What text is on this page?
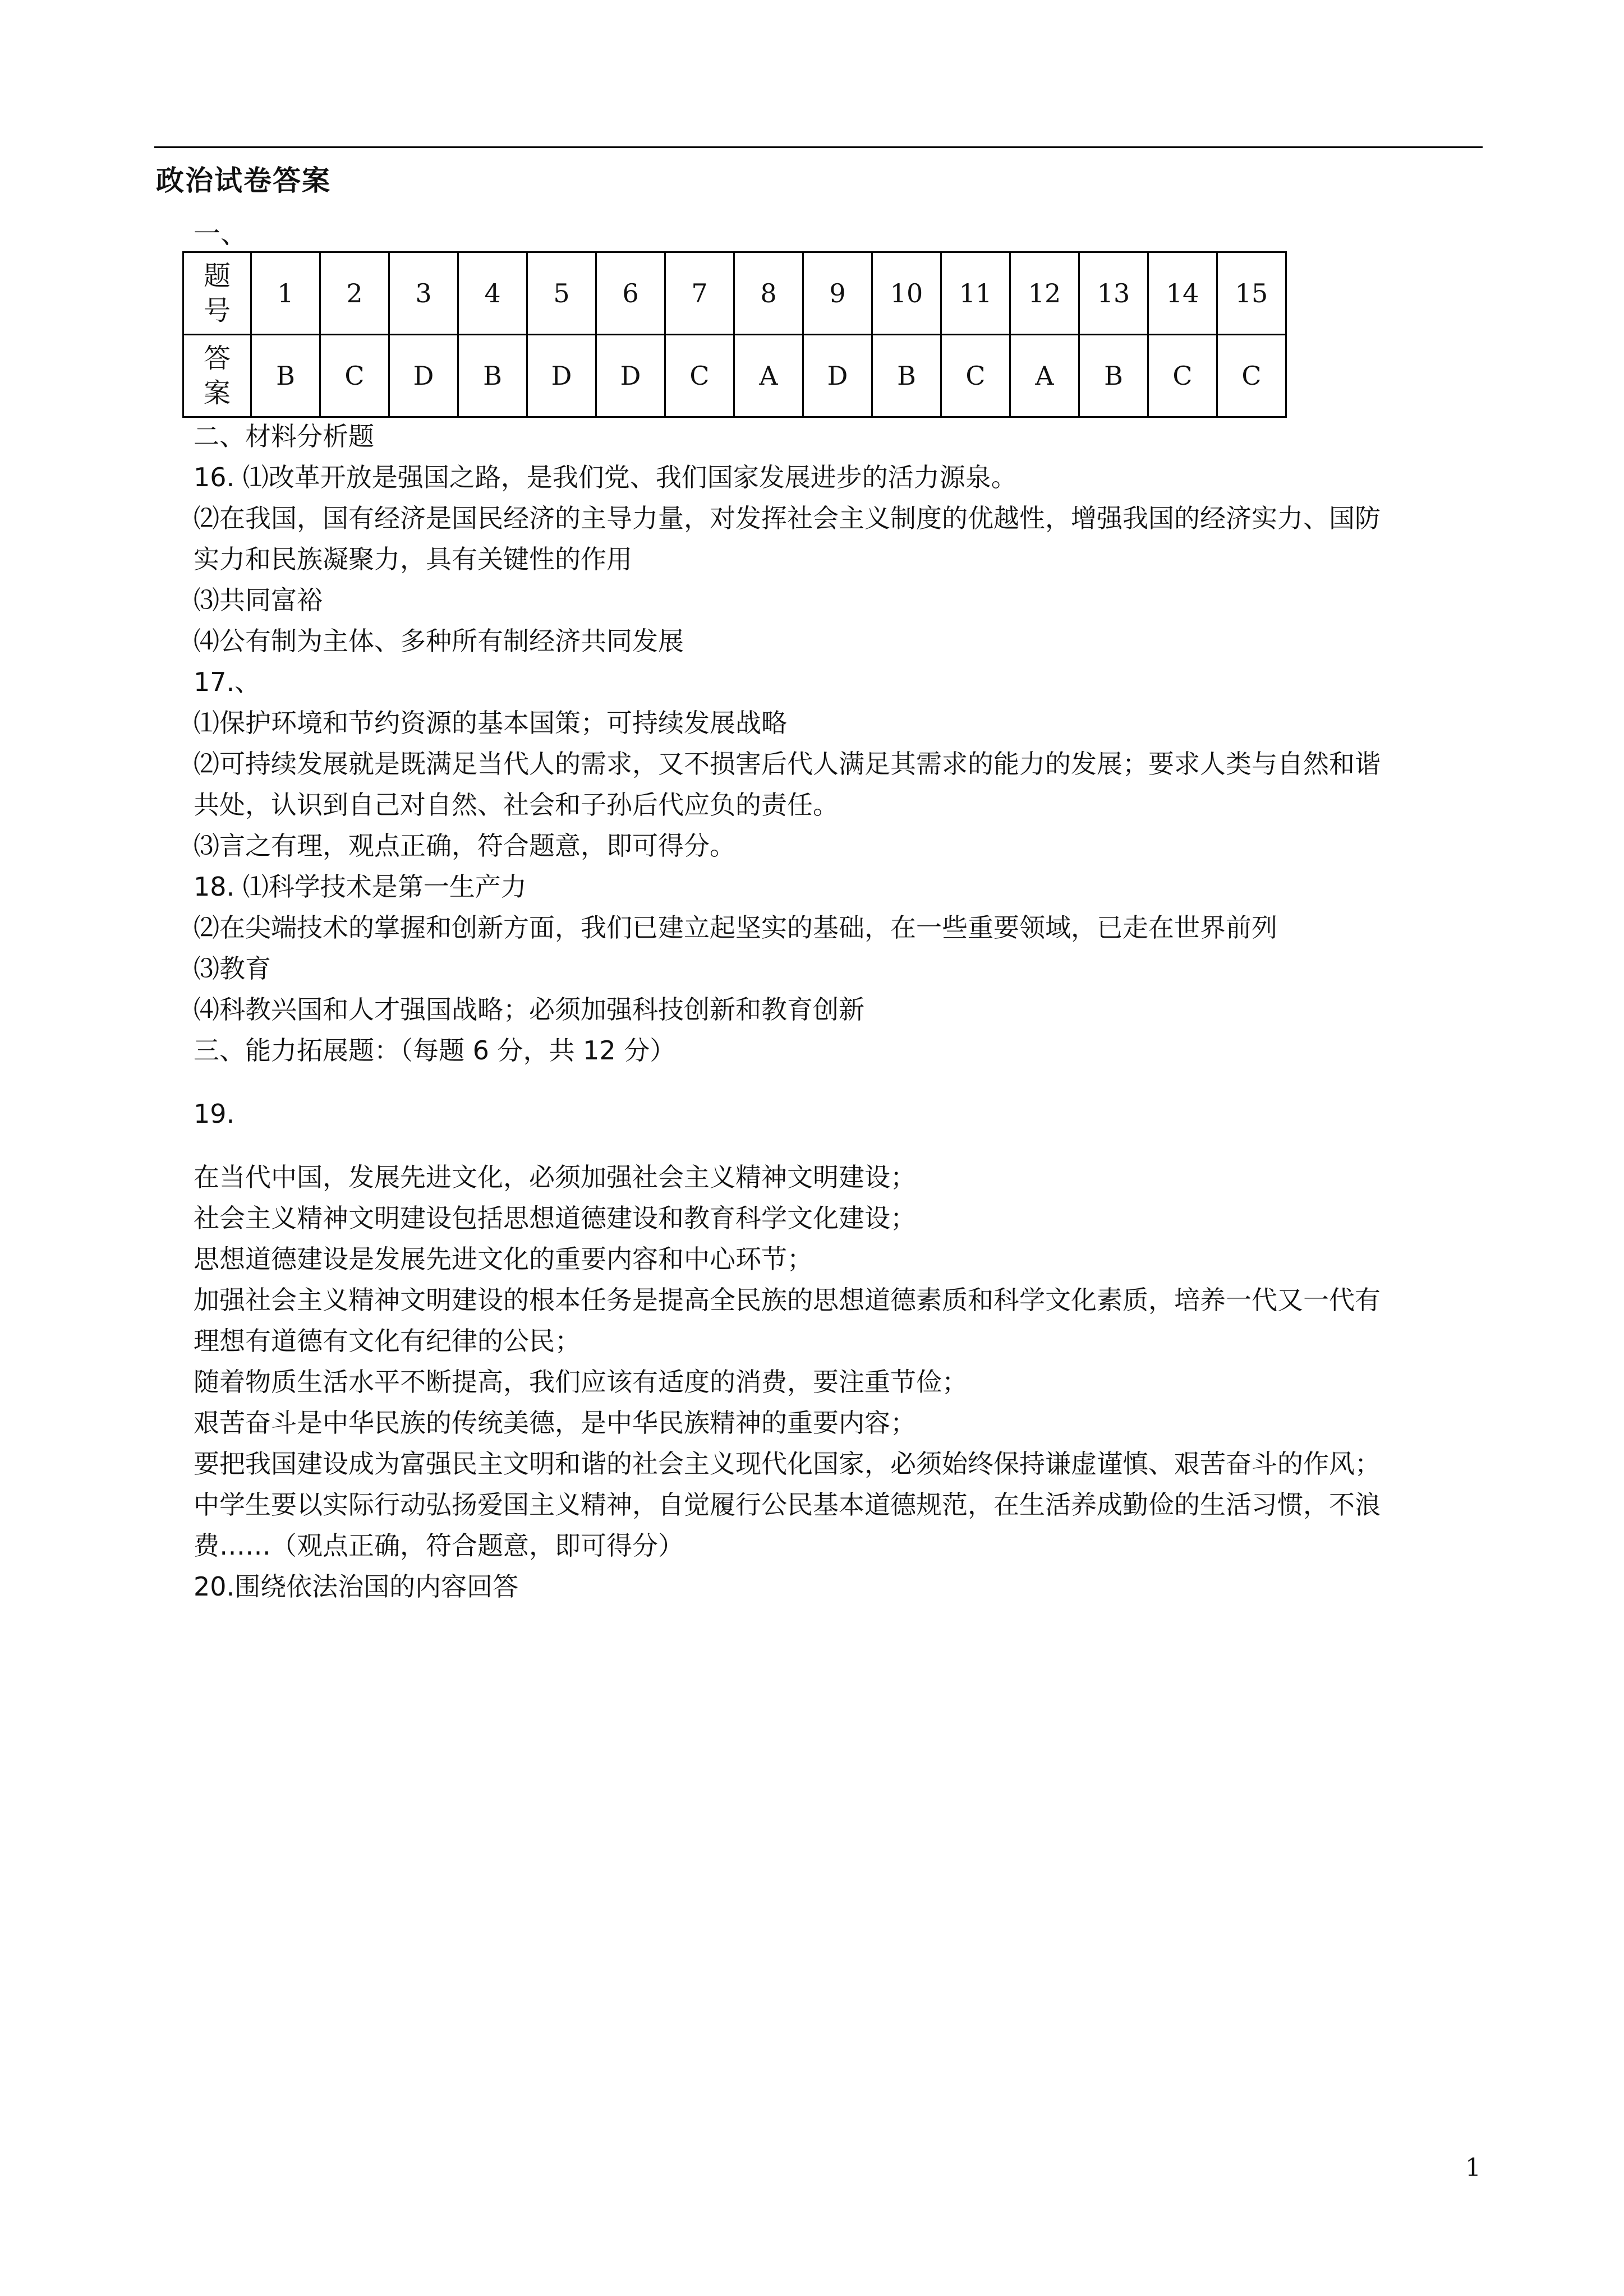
政治试卷答案
一、
题
号	1	2	3	4	5	6	7	8	9	10	11	12	13	14	15
答
案	B	C	D	B	D	D	C	A	D	B	C	A	B	C	C

二、材料分析题

16. ⑴改革开放是强国之路，是我们党、我们国家发展进步的活力源泉。

⑵在我国，国有经济是国民经济的主导力量，对发挥社会主义制度的优越性，增强我国的经济实力、国防

实力和民族凝聚力，具有关键性的作用

⑶共同富裕

⑷公有制为主体、多种所有制经济共同发展

17.、

⑴保护环境和节约资源的基本国策；可持续发展战略

⑵可持续发展就是既满足当代人的需求，又不损害后代人满足其需求的能力的发展；要求人类与自然和谐

共处，认识到自己对自然、社会和子孙后代应负的责任。

⑶言之有理，观点正确，符合题意，即可得分。

18. ⑴科学技术是第一生产力

⑵在尖端技术的掌握和创新方面，我们已建立起坚实的基础，在一些重要领域，已走在世界前列

⑶教育

⑷科教兴国和人才强国战略；必须加强科技创新和教育创新

三、能力拓展题：（每题 6 分，共 12 分）

19.

在当代中国，发展先进文化，必须加强社会主义精神文明建设；

社会主义精神文明建设包括思想道德建设和教育科学文化建设；

思想道德建设是发展先进文化的重要内容和中心环节；

加强社会主义精神文明建设的根本任务是提高全民族的思想道德素质和科学文化素质，培养一代又一代有

理想有道德有文化有纪律的公民；

随着物质生活水平不断提高，我们应该有适度的消费，要注重节俭；

艰苦奋斗是中华民族的传统美德，是中华民族精神的重要内容；

要把我国建设成为富强民主文明和谐的社会主义现代化国家，必须始终保持谦虚谨慎、艰苦奋斗的作风；

中学生要以实际行动弘扬爱国主义精神，自觉履行公民基本道德规范，在生活养成勤俭的生活习惯，不浪

费……（观点正确，符合题意，即可得分）

20.围绕依法治国的内容回答

1
